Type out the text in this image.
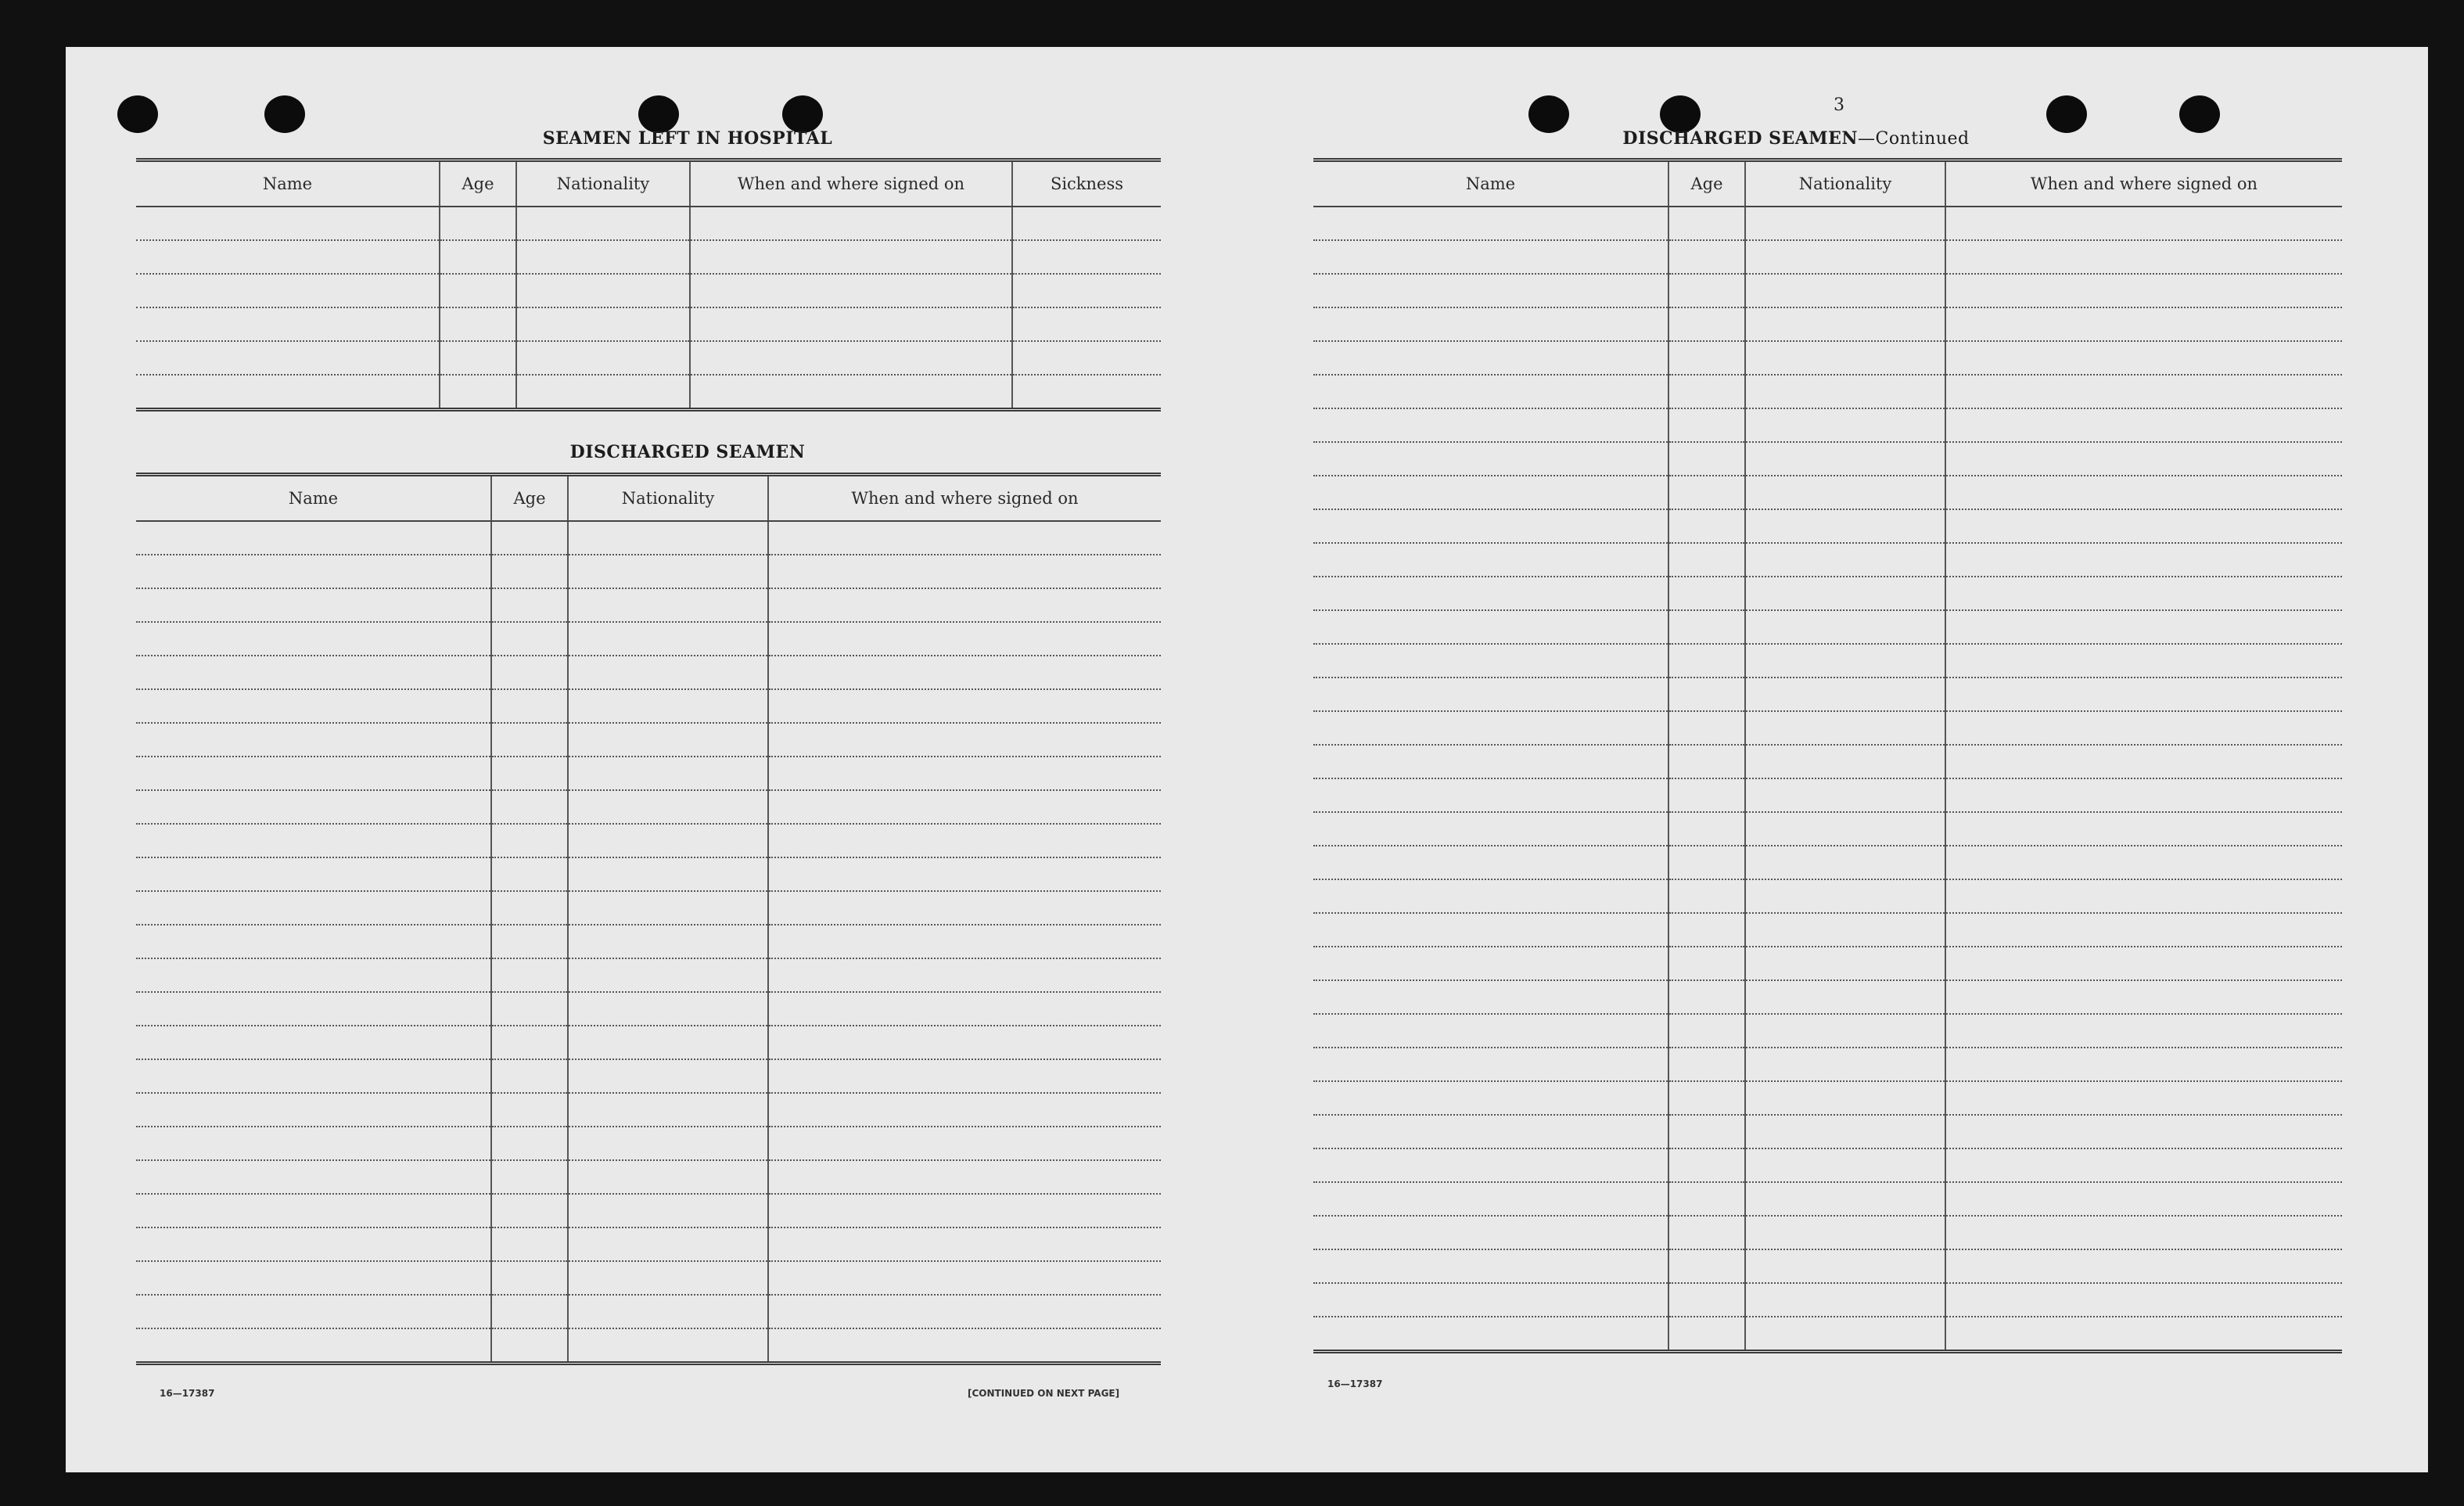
SEAMEN LEFT IN HOSPITAL
Name	Age	Nationality	When and where signed on	Sickness

DISCHARGED SEAMEN
Name	Age	Nationality	When and where signed on

16—17387	[CONTINUED ON NEXT PAGE]
3
DISCHARGED SEAMEN—Continued
Name	Age	Nationality	When and where signed on

16—17387
